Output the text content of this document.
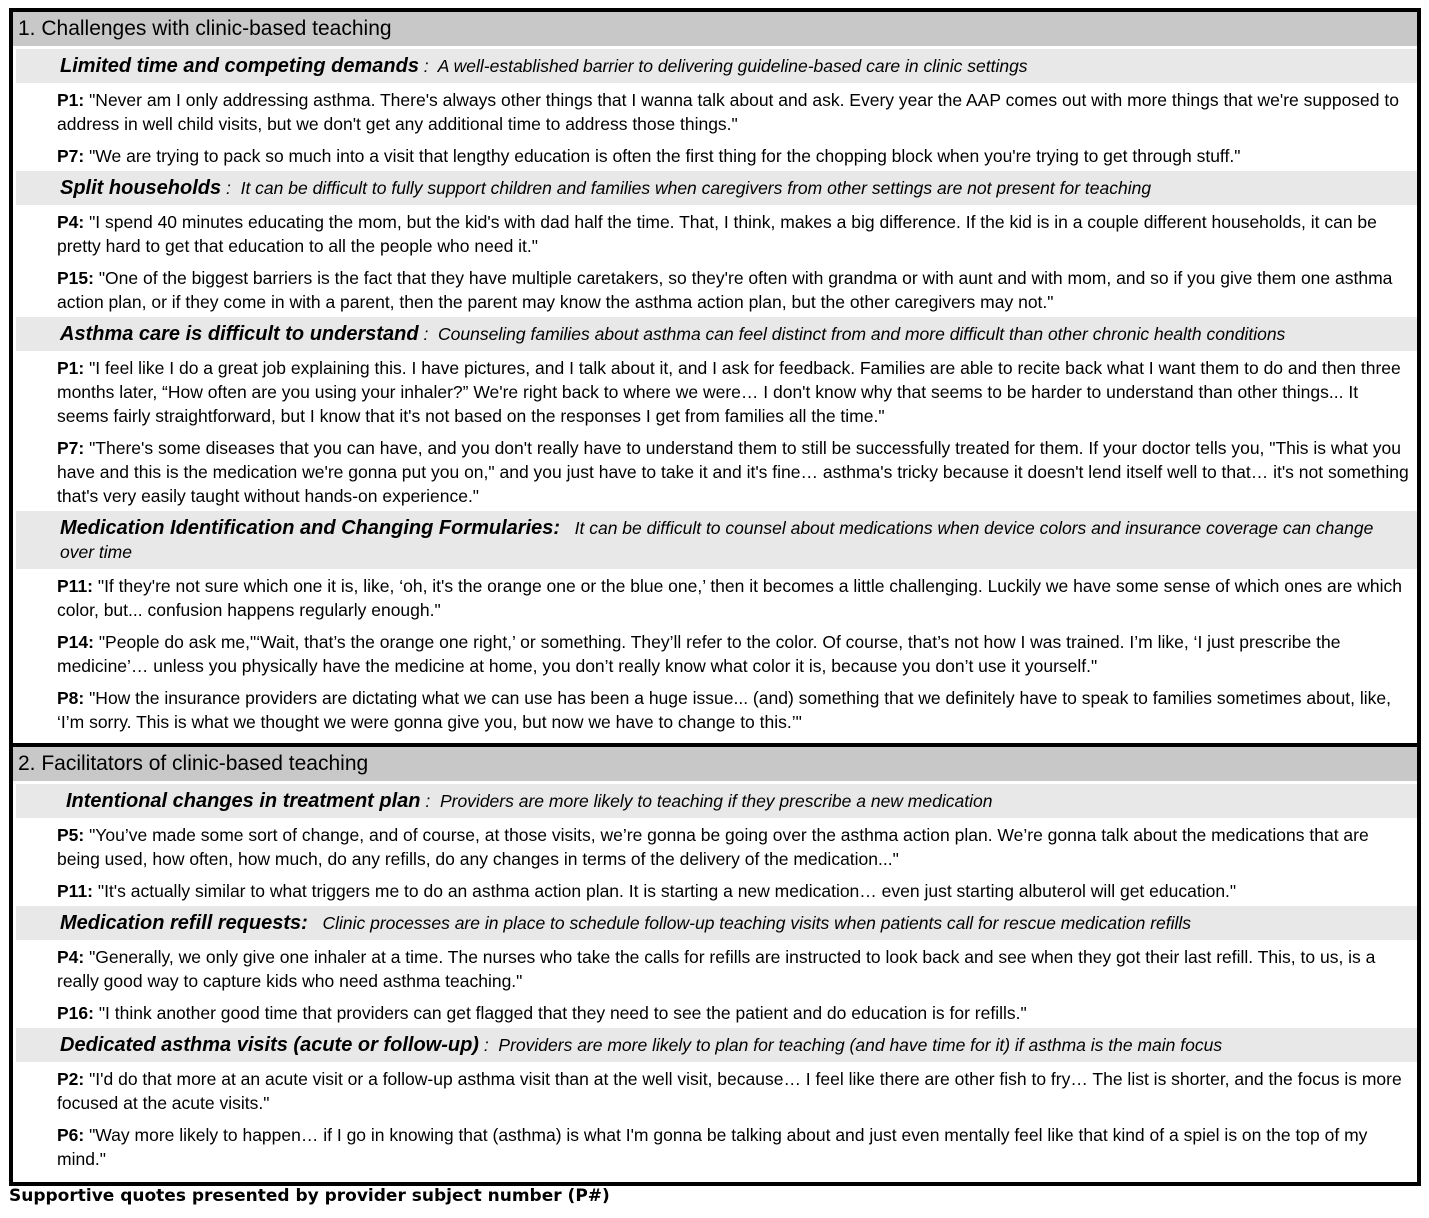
1. Challenges with clinic-based teaching
Limited time and competing demands :  A well-established barrier to delivering guideline-based care in clinic settings
P1: "Never am I only addressing asthma. There's always other things that I wanna talk about and ask. Every year the AAP comes out with more things that we're supposed to address in well child visits, but we don't get any additional time to address those things."
P7: "We are trying to pack so much into a visit that lengthy education is often the first thing for the chopping block when you're trying to get through stuff."
Split households :  It can be difficult to fully support children and families when caregivers from other settings are not present for teaching
P4: "I spend 40 minutes educating the mom, but the kid's with dad half the time. That, I think, makes a big difference. If the kid is in a couple different households, it can be pretty hard to get that education to all the people who need it."
P15: "One of the biggest barriers is the fact that they have multiple caretakers, so they're often with grandma or with aunt and with mom, and so if you give them one asthma action plan, or if they come in with a parent, then the parent may know the asthma action plan, but the other caregivers may not."
Asthma care is difficult to understand :  Counseling families about asthma can feel distinct from and more difficult than other chronic health conditions
P1: "I feel like I do a great job explaining this. I have pictures, and I talk about it, and I ask for feedback. Families are able to recite back what I want them to do and then three months later, “How often are you using your inhaler?” We're right back to where we were… I don't know why that seems to be harder to understand than other things... It seems fairly straightforward, but I know that it's not based on the responses I get from families all the time."
P7: "There's some diseases that you can have, and you don't really have to understand them to still be successfully treated for them. If your doctor tells you, "This is what you have and this is the medication we're gonna put you on," and you just have to take it and it's fine… asthma's tricky because it doesn't lend itself well to that… it's not something that's very easily taught without hands-on experience."
Medication Identification and Changing Formularies: It can be difficult to counsel about medications when device colors and insurance coverage can change over time
P11: "If they're not sure which one it is, like, ‘oh, it's the orange one or the blue one,’ then it becomes a little challenging. Luckily we have some sense of which ones are which color, but... confusion happens regularly enough."
P14: "People do ask me,"‘Wait, that’s the orange one right,’ or something. They’ll refer to the color. Of course, that’s not how I was trained. I’m like, ‘I just prescribe the medicine’… unless you physically have the medicine at home, you don’t really know what color it is, because you don’t use it yourself."
P8: "How the insurance providers are dictating what we can use has been a huge issue... (and) something that we definitely have to speak to families sometimes about, like, ‘I’m sorry. This is what we thought we were gonna give you, but now we have to change to this.’"
2. Facilitators of clinic-based teaching
Intentional changes in treatment plan :  Providers are more likely to teaching if they prescribe a new medication
P5: "You’ve made some sort of change, and of course, at those visits, we’re gonna be going over the asthma action plan. We’re gonna talk about the medications that are being used, how often, how much, do any refills, do any changes in terms of the delivery of the medication..."
P11: "It's actually similar to what triggers me to do an asthma action plan. It is starting a new medication… even just starting albuterol will get education."
Medication refill requests: Clinic processes are in place to schedule follow-up teaching visits when patients call for rescue medication refills
P4: "Generally, we only give one inhaler at a time. The nurses who take the calls for refills are instructed to look back and see when they got their last refill. This, to us, is a really good way to capture kids who need asthma teaching."
P16: "I think another good time that providers can get flagged that they need to see the patient and do education is for refills."
Dedicated asthma visits (acute or follow-up) :  Providers are more likely to plan for teaching (and have time for it) if asthma is the main focus
P2: "I'd do that more at an acute visit or a follow-up asthma visit than at the well visit, because… I feel like there are other fish to fry… The list is shorter, and the focus is more focused at the acute visits."
P6: "Way more likely to happen… if I go in knowing that (asthma) is what I'm gonna be talking about and just even mentally feel like that kind of a spiel is on the top of my mind."
Supportive quotes presented by provider subject number (P#)
